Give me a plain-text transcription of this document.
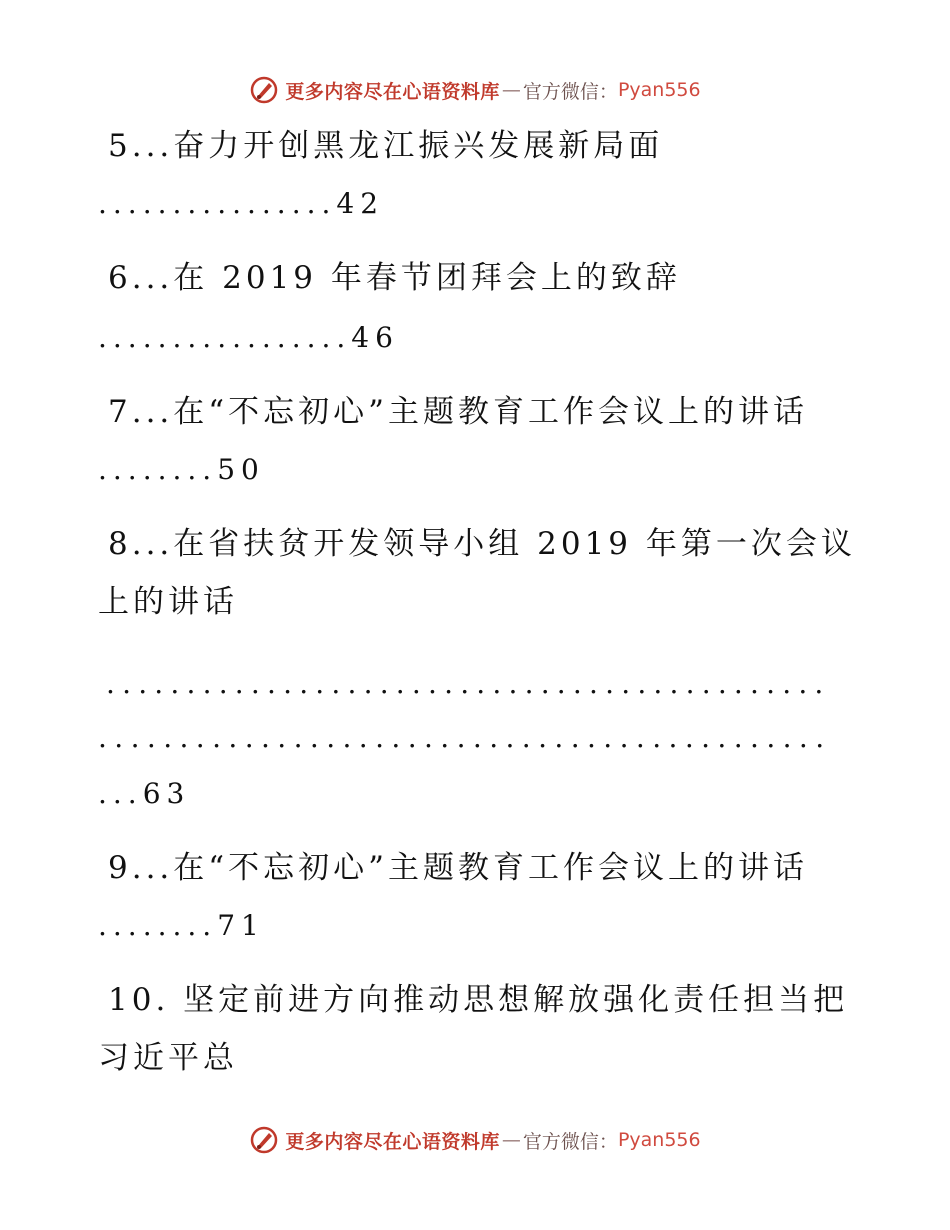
更多内容尽在心语资料库 — 官方微信： Pyan556
5...奋力开创黑龙江振兴发展新局面
................42
6...在 2019 年春节团拜会上的致辞
.................46
7...在“不忘初心”主题教育工作会议上的讲话
........50
8...在省扶贫开发领导小组 2019 年第一次会议
上的讲话
.............................................
.............................................
...63
9...在“不忘初心”主题教育工作会议上的讲话
........71
10. 坚定前进方向推动思想解放强化责任担当把
习近平总
更多内容尽在心语资料库 — 官方微信： Pyan556
